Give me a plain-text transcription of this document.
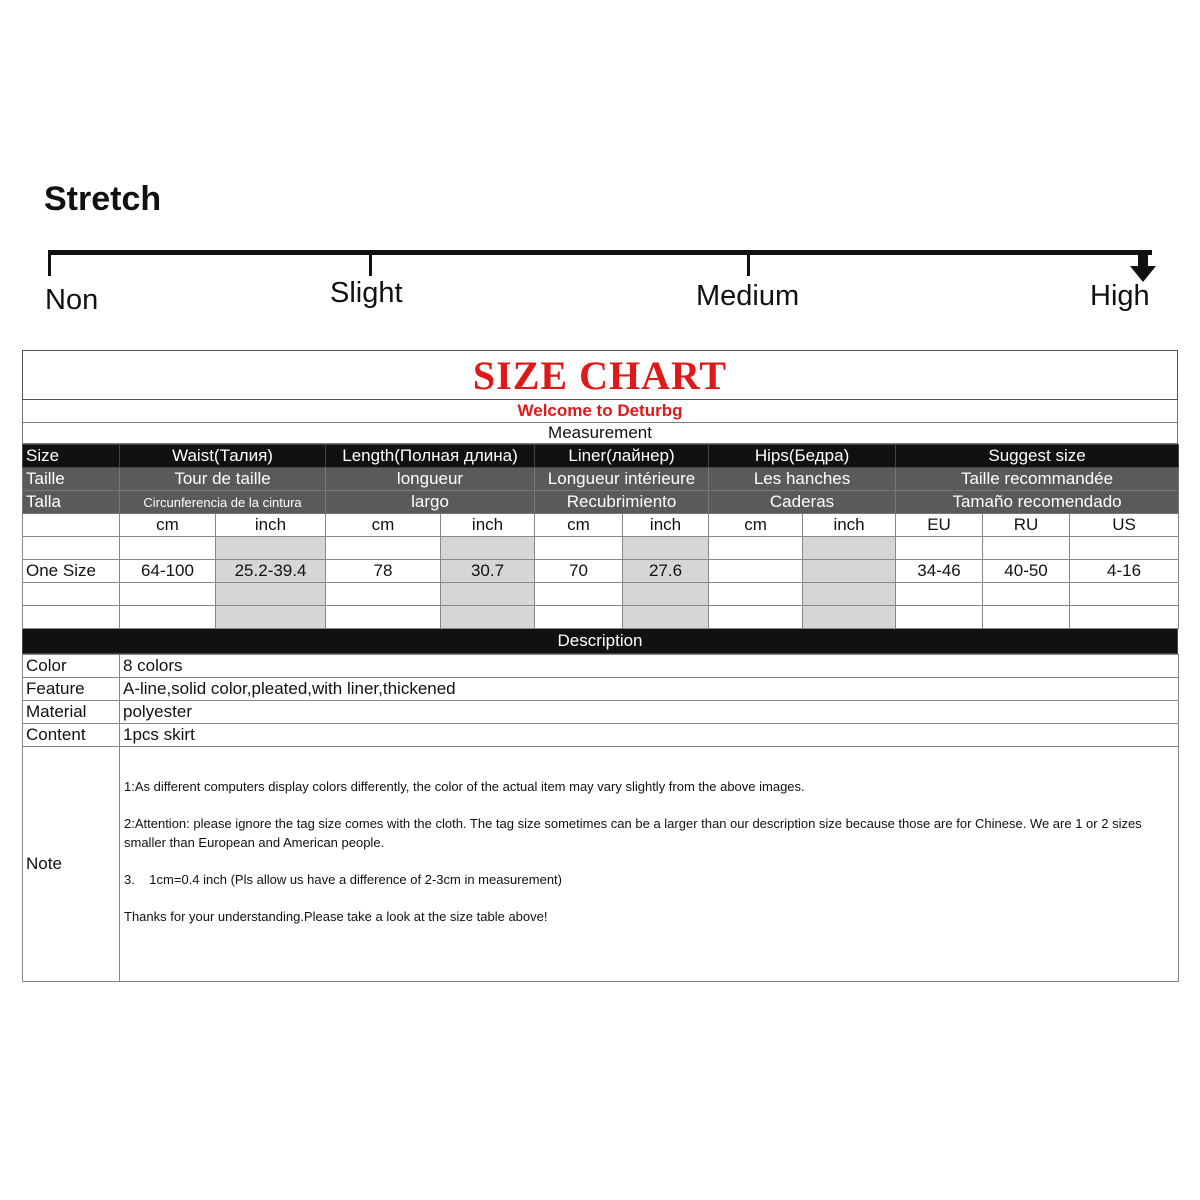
Stretch
Non	Slight	Medium	High
SIZE CHART
Welcome to Deturbg
Measurement
Size	Waist(Талия)		Length(Полная длина)		Liner(лайнер)		Hips(Бедра)		Suggest size		
Taille	Tour de taille		longueur		Longueur intérieure		Les hanches		Taille recommandée		
Talla	Circunferencia de la cintura		largo		Recubrimiento		Caderas		Tamaño recomendado		
	cm	inch	cm	inch	cm	inch	cm	inch	EU	RU	US

One Size	64-100	25.2-39.4	78	30.7	70	27.6			34-46	40-50	4-16

Description
Color	8 colors
Feature	A-line,solid color,pleated,with liner,thickened
Material	polyester
Content	1pcs skirt
Note	1:As different computers display colors differently, the color of the actual item may vary slightly from the above images.

2:Attention: please ignore the tag size comes with the cloth. The tag size sometimes can be a larger than our description size because those are for Chinese. We are 1 or 2 sizes smaller than European and American people.

3.    1cm=0.4 inch (Pls allow us have a difference of 2-3cm in measurement)

Thanks for your understanding.Please take a look at the size table above!
